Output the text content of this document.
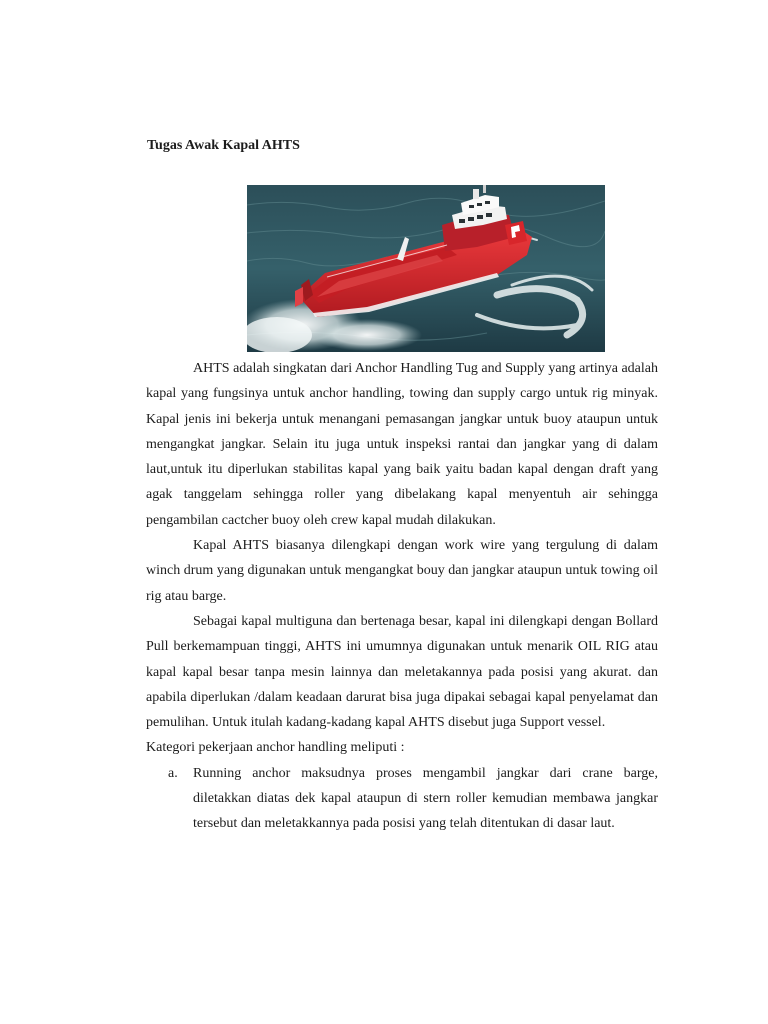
Tugas Awak Kapal AHTS

AHTS adalah singkatan dari Anchor Handling Tug and Supply yang artinya adalah kapal yang fungsinya untuk anchor handling, towing dan supply cargo untuk rig minyak. Kapal jenis ini bekerja untuk menangani pemasangan jangkar untuk buoy ataupun untuk mengangkat jangkar. Selain itu juga untuk inspeksi rantai dan jangkar yang di dalam laut,untuk itu diperlukan stabilitas kapal yang baik yaitu badan kapal dengan draft yang agak tanggelam sehingga roller yang dibelakang kapal menyentuh air sehingga pengambilan cactcher buoy oleh crew kapal mudah dilakukan.

Kapal AHTS biasanya dilengkapi dengan work wire yang tergulung di dalam winch drum yang digunakan untuk mengangkat bouy dan jangkar ataupun untuk towing oil rig atau barge.

Sebagai kapal multiguna dan bertenaga besar, kapal ini dilengkapi dengan Bollard Pull berkemampuan tinggi, AHTS ini umumnya digunakan untuk menarik OIL RIG atau kapal kapal besar tanpa mesin lainnya dan meletakannya pada posisi yang akurat. dan apabila diperlukan /dalam keadaan darurat bisa juga dipakai sebagai kapal penyelamat dan pemulihan. Untuk itulah kadang-kadang kapal AHTS disebut juga Support vessel.

Kategori pekerjaan anchor handling meliputi :

a. Running anchor maksudnya proses mengambil jangkar dari crane barge, diletakkan diatas dek kapal ataupun di stern roller kemudian membawa jangkar tersebut dan meletakkannya pada posisi yang telah ditentukan di dasar laut.
